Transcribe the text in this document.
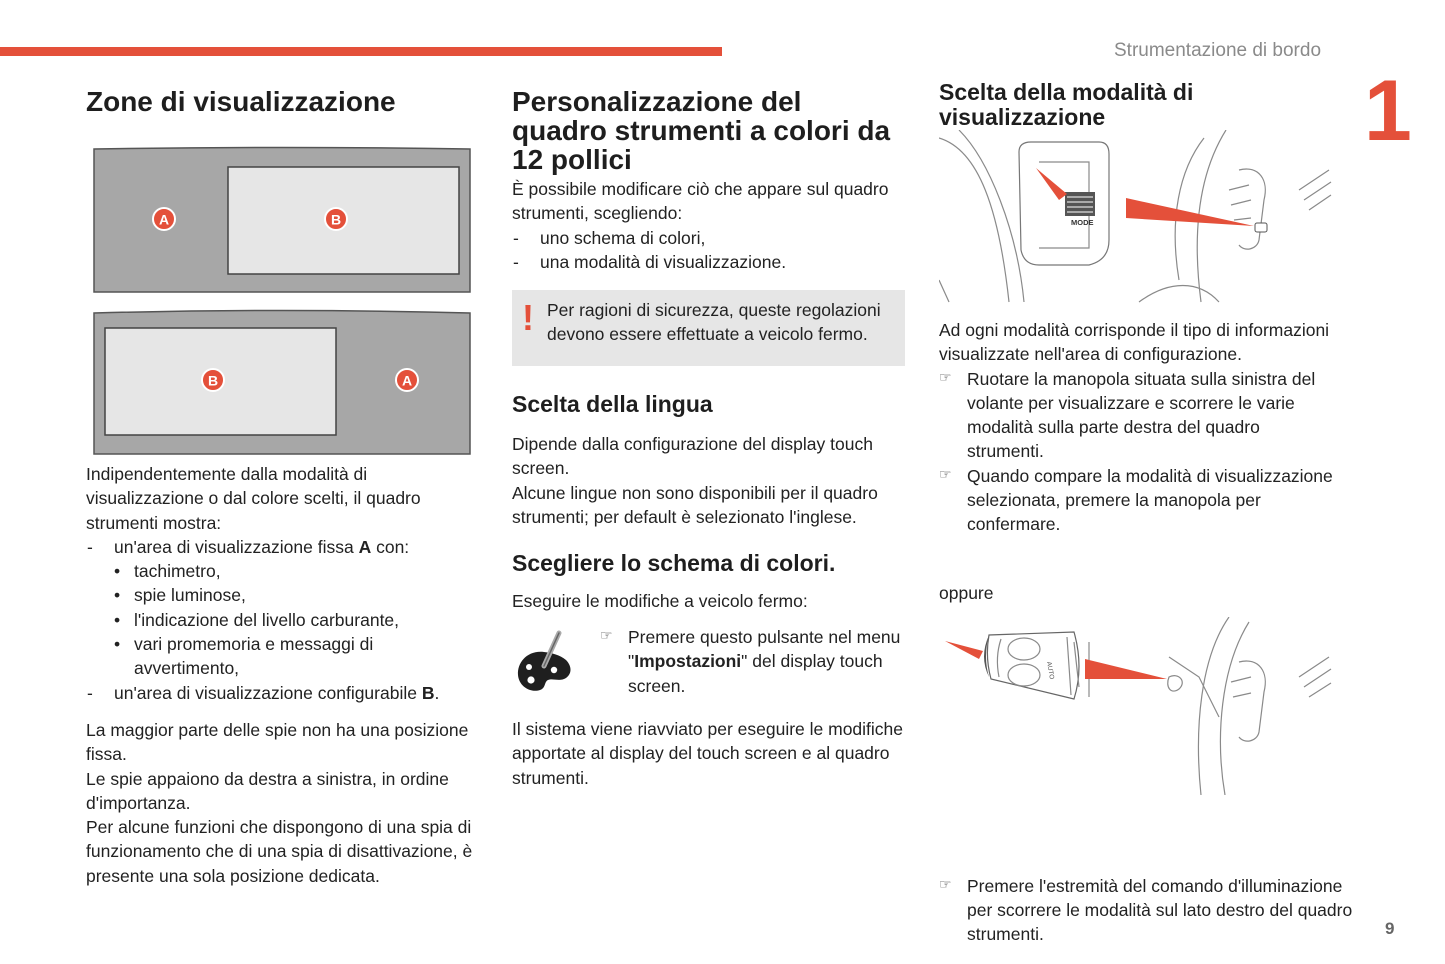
Strumentazione di bordo
1
9
Zone di visualizzazione
A	B
B	A

Indipendentemente dalla modalità di visualizzazione o dal colore scelti, il quadro strumenti mostra:

- un'area di visualizzazione fissa A con:

• tachimetro,

• spie luminose,

• l'indicazione del livello carburante,

• vari promemoria e messaggi di avvertimento,

- un'area di visualizzazione configurabile B.

La maggior parte delle spie non ha una posizione fissa.

Le spie appaiono da destra a sinistra, in ordine d'importanza.

Per alcune funzioni che dispongono di una spia di funzionamento che di una spia di disattivazione, è presente una sola posizione dedicata.

Personalizzazione del quadro strumenti a colori da 12 pollici

È possibile modificare ciò che appare sul quadro strumenti, scegliendo:

- uno schema di colori,

- una modalità di visualizzazione.

! Per ragioni di sicurezza, queste regolazioni devono essere effettuate a veicolo fermo.
Scelta della lingua

Dipende dalla configurazione del display touch screen.

Alcune lingue non sono disponibili per il quadro strumenti; per default è selezionato l'inglese.

Scegliere lo schema di colori.
Eseguire le modifiche a veicolo fermo:
☞ Premere questo pulsante nel menu "Impostazioni" del display touch screen.
Il sistema viene riavviato per eseguire le modifiche apportate al display del touch screen e al quadro strumenti.
Scelta della modalità di visualizzazione
MODE

Ad ogni modalità corrisponde il tipo di informazioni visualizzate nell'area di configurazione.

☞ Ruotare la manopola situata sulla sinistra del volante per visualizzare e scorrere le varie modalità sulla parte destra del quadro strumenti.

☞ Quando compare la modalità di visualizzazione selezionata, premere la manopola per confermare.

oppure
AUTO
☞ Premere l'estremità del comando d'illuminazione per scorrere le modalità sul lato destro del quadro strumenti.
